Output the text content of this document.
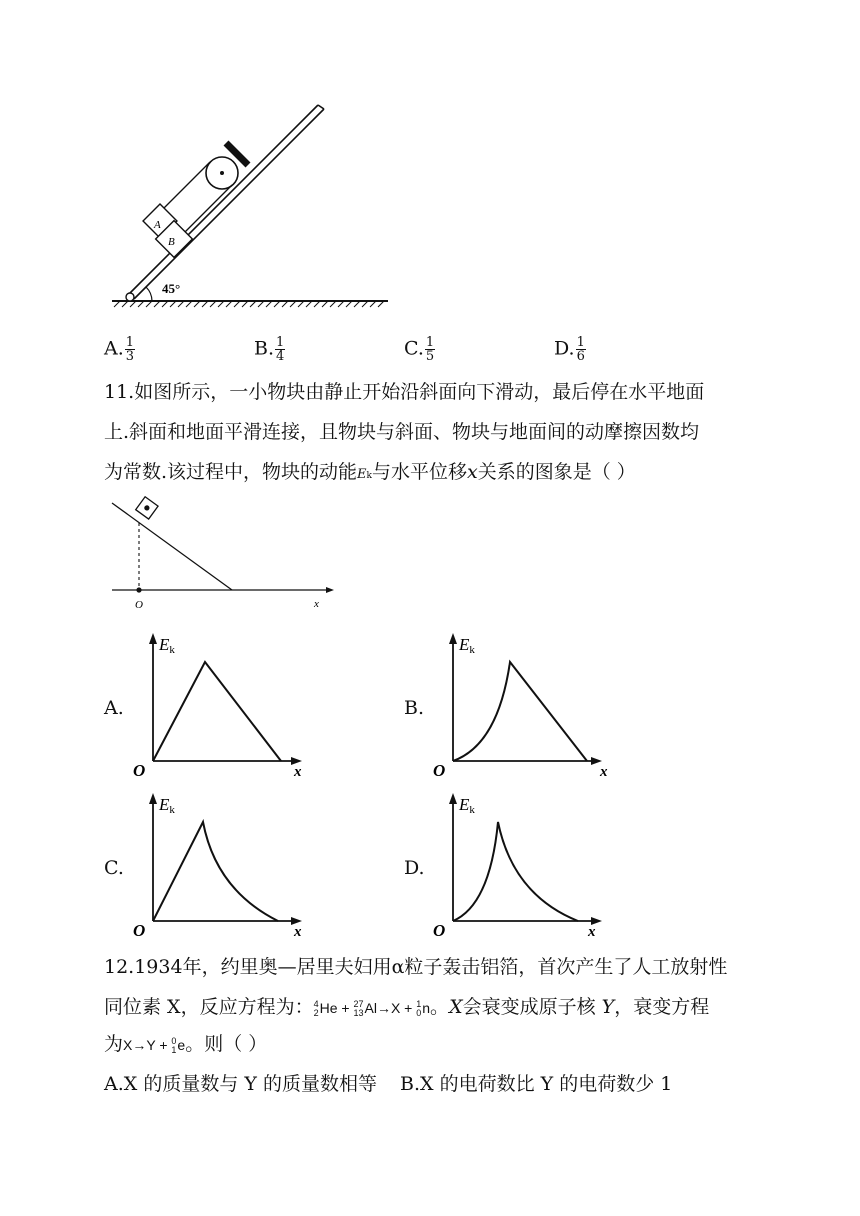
45°
A
B
A. $\frac{1}{3}$	B. $\frac{1}{4}$	C. $\frac{1}{5}$	D. $\frac{1}{6}$
11.如图所示，一小物块由静止开始沿斜面向下滑动，最后停在水平地面
上.斜面和地面平滑连接，且物块与斜面、物块与地面间的动摩擦因数均
为常数.该过程中，物块的动能Ek与水平位移x关系的图象是（ ）
O	x
A.
Ek
O	x
B.
Ek
O	x
C.
Ek
O	x
D.
Ek
O	x
12.1934年，约里奥—居里夫妇用α粒子轰击铝箔，首次产生了人工放射性
同位素 X，反应方程为： 4
2 He + 27
13 Al→X + 1
0 n。X会衰变成原子核 Y，衰变方程
为X→Y + 0
1 e。则（ ）
A.X 的质量数与 Y 的质量数相等 B.X 的电荷数比 Y 的电荷数少 1
